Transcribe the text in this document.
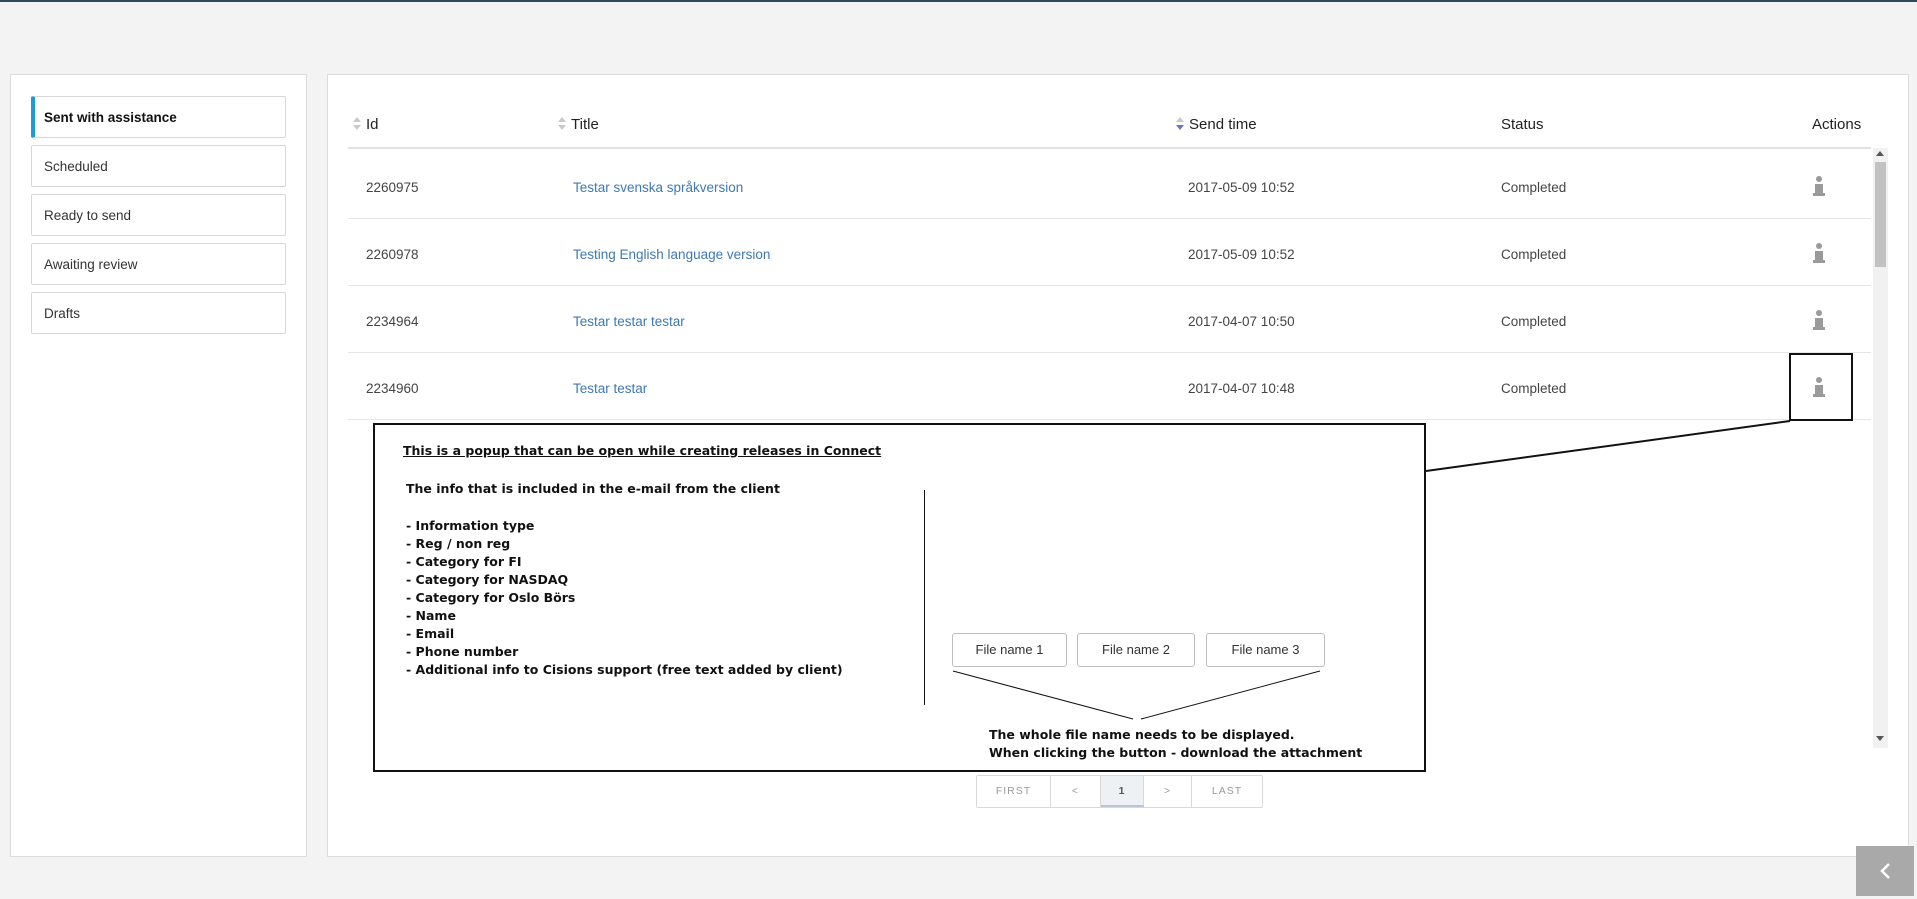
Sent with assistance
Scheduled
Ready to send
Awaiting review
Drafts
Id	Title	Send time	Status	Actions
2260975	Testar svenska språkversion	2017-05-09 10:52	Completed
2260978	Testing English language version	2017-05-09 10:52	Completed
2234964	Testar testar testar	2017-04-07 10:50	Completed
2234960	Testar testar	2017-04-07 10:48	Completed
This is a popup that can be open while creating releases in Connect
The info that is included in the e-mail from the client
- Information type
- Reg / non reg
- Category for FI
- Category for NASDAQ
- Category for Oslo Börs
- Name
- Email
- Phone number
- Additional info to Cisions support (free text added by client)
File name 1	File name 2	File name 3
The whole file name needs to be displayed.
When clicking the button - download the attachment
FIRST	<	1	>	LAST
